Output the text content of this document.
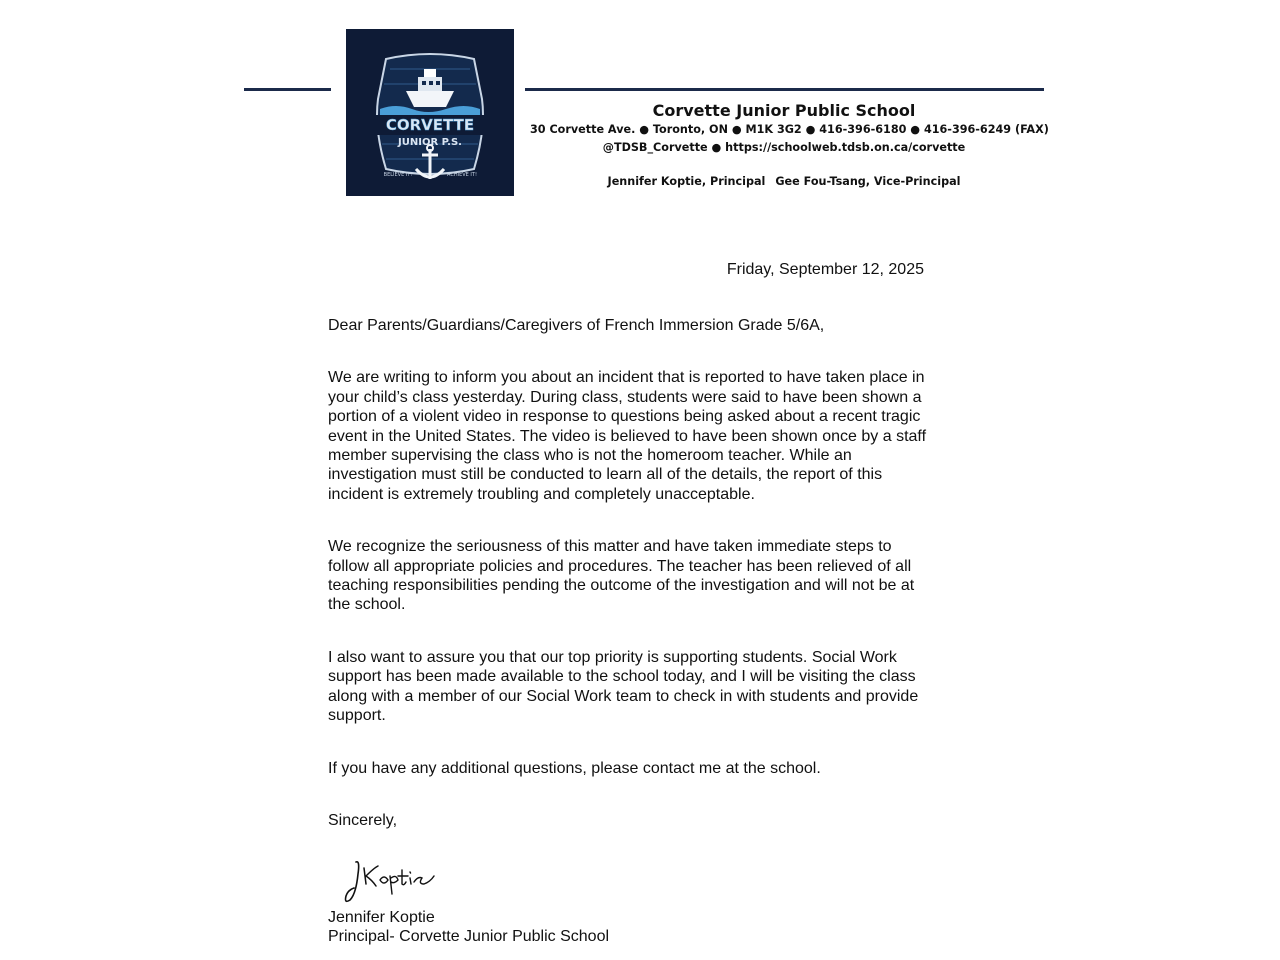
CORVETTE
JUNIOR P.S.
BELIEVE IT!	ACHIEVE IT!
Corvette Junior Public School
30 Corvette Ave. ● Toronto, ON ● M1K 3G2 ● 416-396-6180 ● 416-396-6249 (FAX)
@TDSB_Corvette ● https://schoolweb.tdsb.on.ca/corvette
Jennifer Koptie, Principal Gee Fou-Tsang, Vice-Principal
Friday, September 12, 2025

Dear Parents/Guardians/Caregivers of French Immersion Grade 5/6A,

We are writing to inform you about an incident that is reported to have taken place in your child’s class yesterday. During class, students were said to have been shown a portion of a violent video in response to questions being asked about a recent tragic event in the United States. The video is believed to have been shown once by a staff member supervising the class who is not the homeroom teacher. While an investigation must still be conducted to learn all of the details, the report of this incident is extremely troubling and completely unacceptable.

We recognize the seriousness of this matter and have taken immediate steps to follow all appropriate policies and procedures. The teacher has been relieved of all teaching responsibilities pending the outcome of the investigation and will not be at the school.

I also want to assure you that our top priority is supporting students. Social Work support has been made available to the school today, and I will be visiting the class along with a member of our Social Work team to check in with students and provide support.

If you have any additional questions, please contact me at the school.

Sincerely,

Jennifer Koptie
Principal- Corvette Junior Public School
